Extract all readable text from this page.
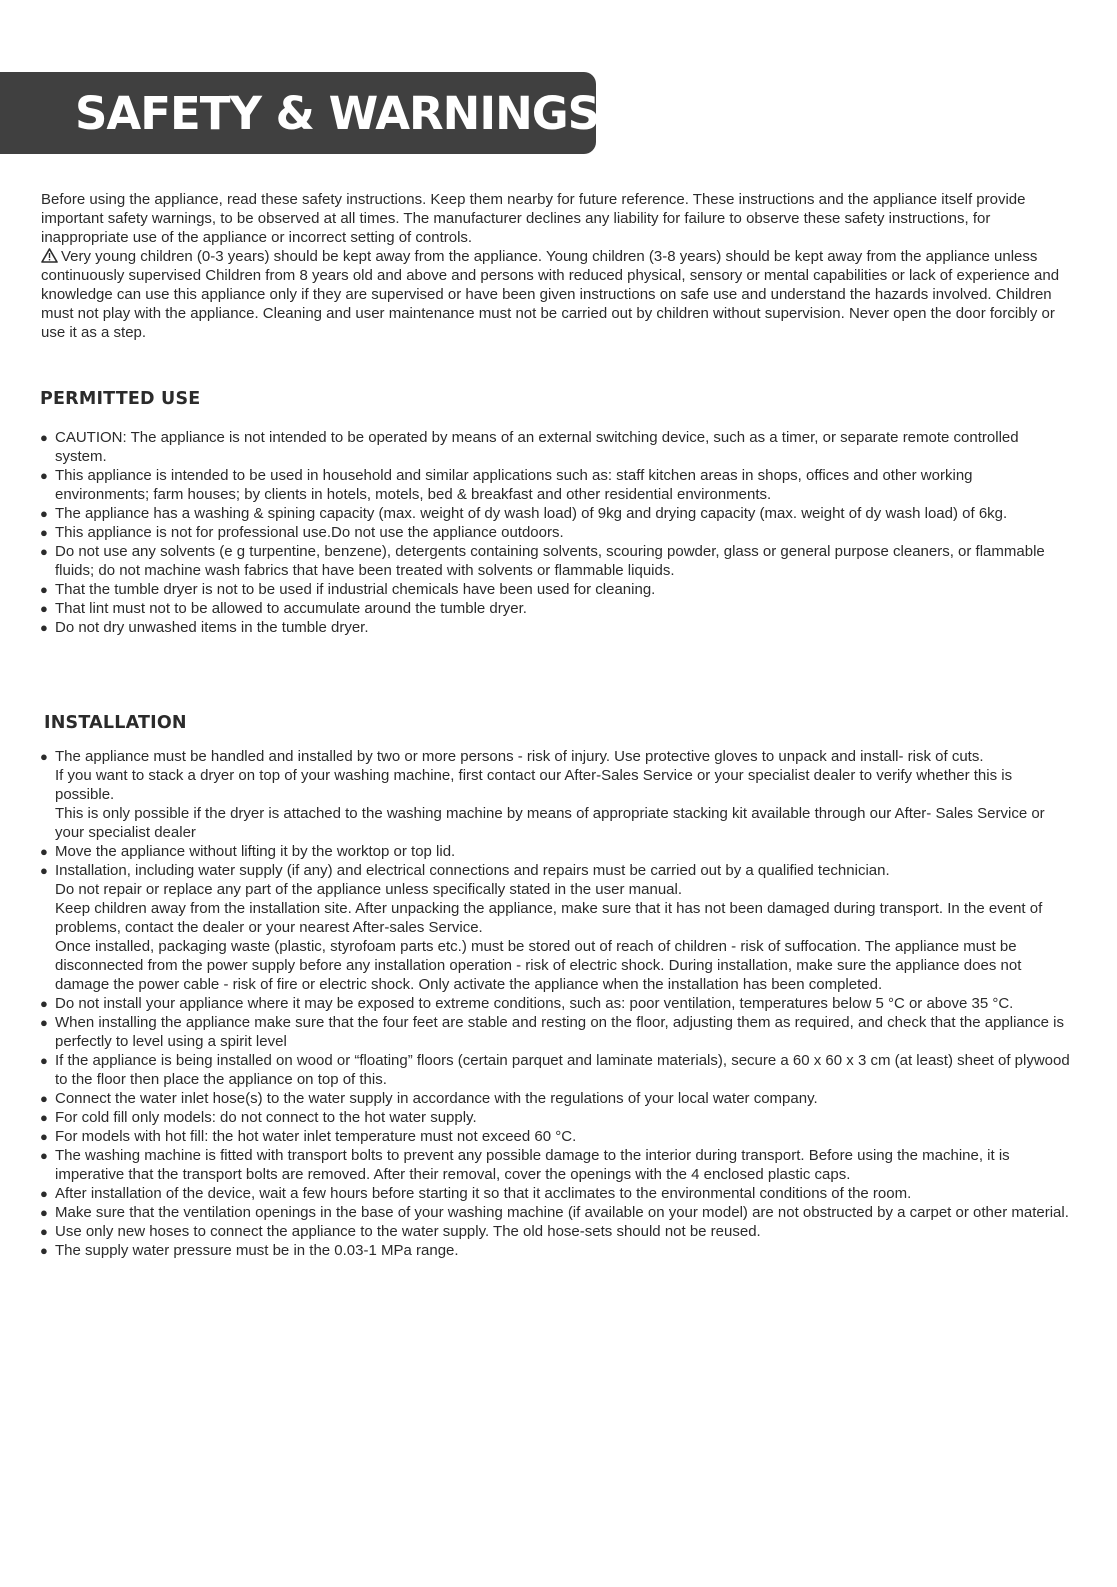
SAFETY & WARNINGS

Before using the appliance, read these safety instructions. Keep them nearby for future reference. These instructions and the appliance itself provide important safety warnings, to be observed at all times. The manufacturer declines any liability for failure to observe these safety instructions, for inappropriate use of the appliance or incorrect setting of controls.

Very young children (0-3 years) should be kept away from the appliance. Young children (3-8 years) should be kept away from the appliance unless continuously supervised Children from 8 years old and above and persons with reduced physical, sensory or mental capabilities or lack of experience and knowledge can use this appliance only if they are supervised or have been given instructions on safe use and understand the hazards involved. Children must not play with the appliance. Cleaning and user maintenance must not be carried out by children without supervision. Never open the door forcibly or use it as a step.

PERMITTED USE
● CAUTION: The appliance is not intended to be operated by means of an external switching device, such as a timer, or separate remote controlled system.
● This appliance is intended to be used in household and similar applications such as: staff kitchen areas in shops, offices and other working environments; farm houses; by clients in hotels, motels, bed & breakfast and other residential environments.
● The appliance has a washing & spining capacity (max. weight of dy wash load) of 9kg and drying capacity (max. weight of dy wash load) of 6kg.
● This appliance is not for professional use.Do not use the appliance outdoors.
● Do not use any solvents (e g turpentine, benzene), detergents containing solvents, scouring powder, glass or general purpose cleaners, or flammable fluids; do not machine wash fabrics that have been treated with solvents or flammable liquids.
● That the tumble dryer is not to be used if industrial chemicals have been used for cleaning.
● That lint must not to be allowed to accumulate around the tumble dryer.
● Do not dry unwashed items in the tumble dryer.
INSTALLATION
● The appliance must be handled and installed by two or more persons - risk of injury. Use protective gloves to unpack and install- risk of cuts.
If you want to stack a dryer on top of your washing machine, first contact our After-Sales Service or your specialist dealer to verify whether this is possible.
This is only possible if the dryer is attached to the washing machine by means of appropriate stacking kit available through our After- Sales Service or your specialist dealer
● Move the appliance without lifting it by the worktop or top lid.
● Installation, including water supply (if any) and electrical connections and repairs must be carried out by a qualified technician.
Do not repair or replace any part of the appliance unless specifically stated in the user manual.
Keep children away from the installation site. After unpacking the appliance, make sure that it has not been damaged during transport. In the event of problems, contact the dealer or your nearest After-sales Service.
Once installed, packaging waste (plastic, styrofoam parts etc.) must be stored out of reach of children - risk of suffocation. The appliance must be disconnected from the power supply before any installation operation - risk of electric shock. During installation, make sure the appliance does not damage the power cable - risk of fire or electric shock. Only activate the appliance when the installation has been completed.
● Do not install your appliance where it may be exposed to extreme conditions, such as: poor ventilation, temperatures below 5 °C or above 35 °C.
● When installing the appliance make sure that the four feet are stable and resting on the floor, adjusting them as required, and check that the appliance is perfectly to level using a spirit level
● If the appliance is being installed on wood or “floating” floors (certain parquet and laminate materials), secure a 60 x 60 x 3 cm (at least) sheet of plywood to the floor then place the appliance on top of this.
● Connect the water inlet hose(s) to the water supply in accordance with the regulations of your local water company.
● For cold fill only models: do not connect to the hot water supply.
● For models with hot fill: the hot water inlet temperature must not exceed 60 °C.
● The washing machine is fitted with transport bolts to prevent any possible damage to the interior during transport. Before using the machine, it is imperative that the transport bolts are removed. After their removal, cover the openings with the 4 enclosed plastic caps.
● After installation of the device, wait a few hours before starting it so that it acclimates to the environmental conditions of the room.
● Make sure that the ventilation openings in the base of your washing machine (if available on your model) are not obstructed by a carpet or other material.
● Use only new hoses to connect the appliance to the water supply. The old hose-sets should not be reused.
● The supply water pressure must be in the 0.03-1 MPa range.
